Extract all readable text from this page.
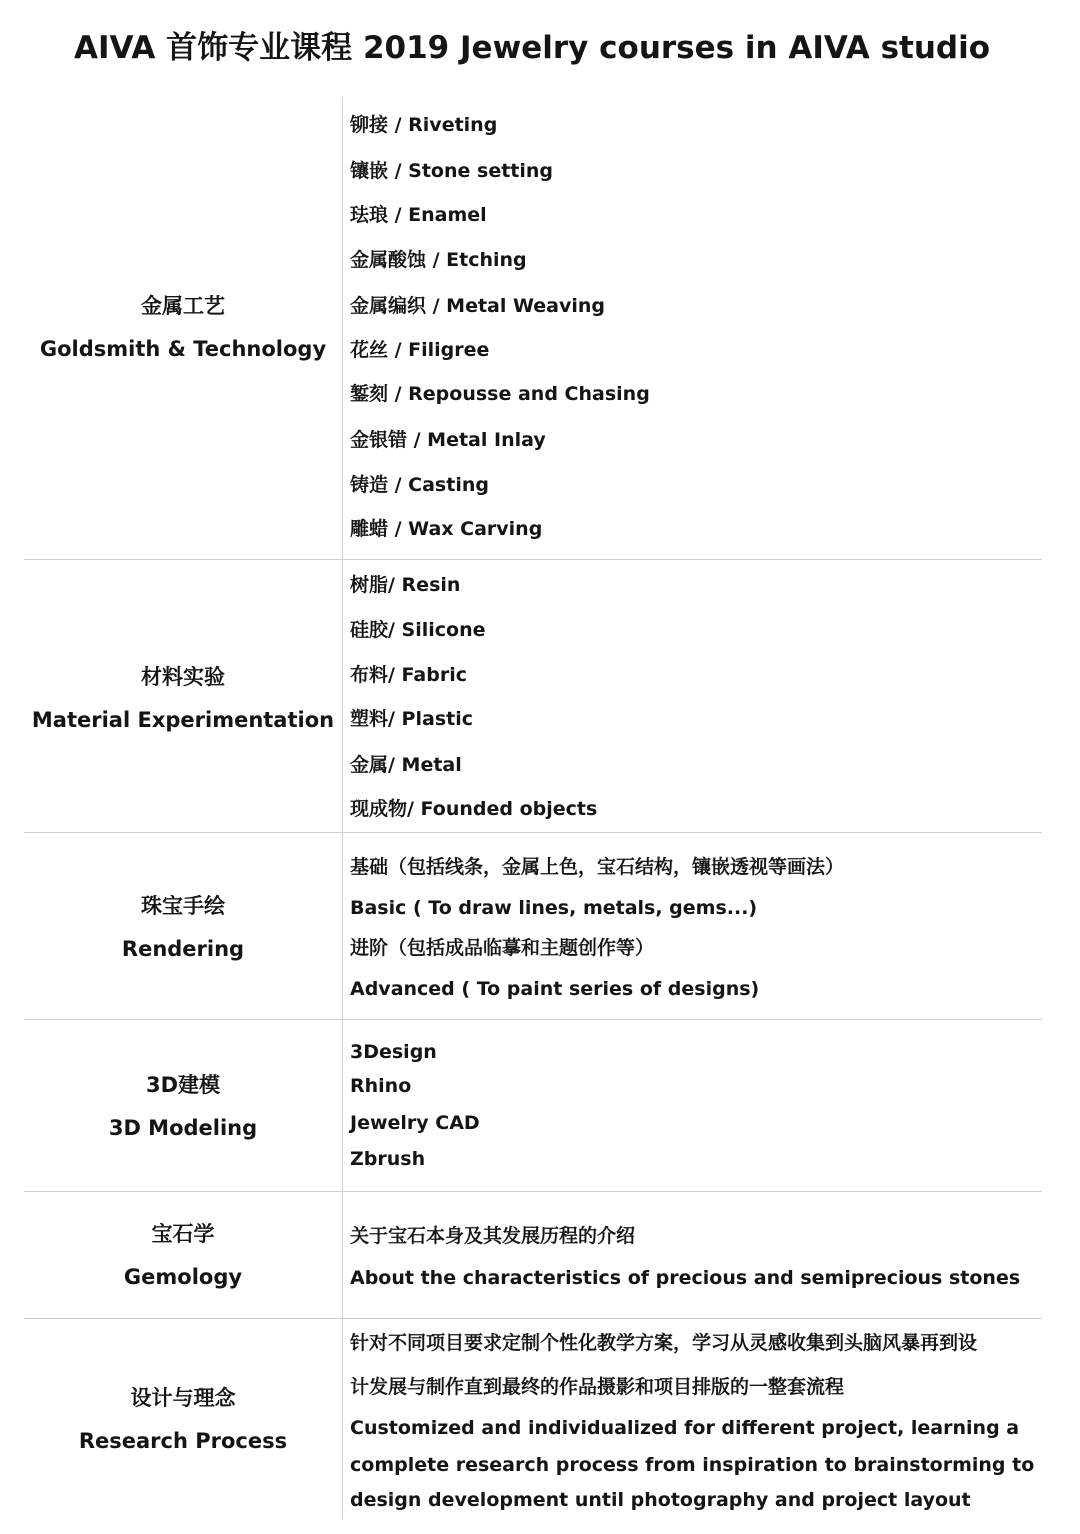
AIVA 首饰专业课程 2019 Jewelry courses in AIVA studio
金属工艺
Goldsmith & Technology
铆接 / Riveting
镶嵌 / Stone setting
珐琅 / Enamel
金属酸蚀 / Etching
金属编织 / Metal Weaving
花丝 / Filigree
錾刻 / Repousse and Chasing
金银错 / Metal Inlay
铸造 / Casting
雕蜡 / Wax Carving
材料实验
Material Experimentation
树脂/ Resin
硅胶/ Silicone
布料/ Fabric
塑料/ Plastic
金属/ Metal
现成物/ Founded objects
珠宝手绘
Rendering
基础（包括线条，金属上色，宝石结构，镶嵌透视等画法）
Basic ( To draw lines, metals, gems...)
进阶（包括成品临摹和主题创作等）
Advanced ( To paint series of designs)
3D建模
3D Modeling
3Design
Rhino
Jewelry CAD
Zbrush
宝石学
Gemology
关于宝石本身及其发展历程的介绍
About the characteristics of precious and semiprecious stones
设计与理念
Research Process
针对不同项目要求定制个性化教学方案，学习从灵感收集到头脑风暴再到设
计发展与制作直到最终的作品摄影和项目排版的一整套流程
Customized and individualized for different project, learning a
complete research process from inspiration to brainstorming to
design development until photography and project layout
